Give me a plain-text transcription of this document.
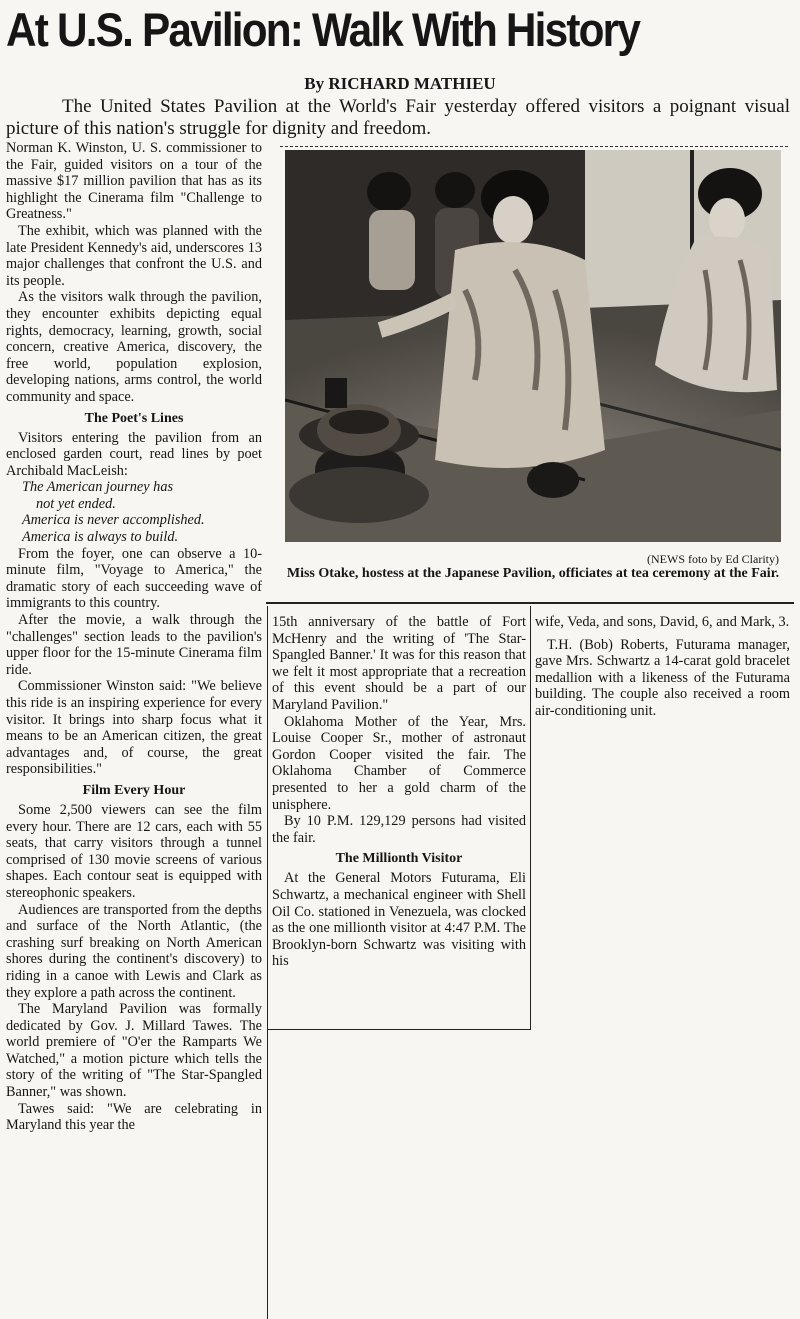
At U.S. Pavilion: Walk With History
By RICHARD MATHIEU
The United States Pavilion at the World's Fair yesterday offered visitors a poignant visual picture of this nation's struggle for dignity and freedom.

Norman K. Winston, U. S. commissioner to the Fair, guided visitors on a tour of the massive $17 million pavilion that has as its highlight the Cinerama film "Challenge to Greatness."

The exhibit, which was planned with the late President Kennedy's aid, underscores 13 major challenges that confront the U.S. and its people.

As the visitors walk through the pavilion, they encounter exhibits depicting equal rights, democracy, learning, growth, social concern, creative America, discovery, the free world, population explosion, developing nations, arms control, the world community and space.

The Poet's Lines

Visitors entering the pavilion from an enclosed garden court, read lines by poet Archibald MacLeish:

The American journey has
not yet ended.
America is never accomplished.
America is always to build.

From the foyer, one can observe a 10-minute film, "Voyage to America," the dramatic story of each succeeding wave of immigrants to this country.

After the movie, a walk through the "challenges" section leads to the pavilion's upper floor for the 15-minute Cinerama film ride.

Commissioner Winston said: "We believe this ride is an inspiring experience for every visitor. It brings into sharp focus what it means to be an American citizen, the great advantages and, of course, the great responsibilities."

Film Every Hour

Some 2,500 viewers can see the film every hour. There are 12 cars, each with 55 seats, that carry visitors through a tunnel comprised of 130 movie screens of various shapes. Each contour seat is equipped with stereophonic speakers.

Audiences are transported from the depths and surface of the North Atlantic, (the crashing surf breaking on North American shores during the continent's discovery) to riding in a canoe with Lewis and Clark as they explore a path across the continent.

The Maryland Pavilion was formally dedicated by Gov. J. Millard Tawes. The world premiere of "O'er the Ramparts We Watched," a motion picture which tells the story of the writing of "The Star-Spangled Banner," was shown.

Tawes said: "We are celebrating in Maryland this year the

(NEWS foto by Ed Clarity)
Miss Otake, hostess at the Japanese Pavilion, officiates at tea ceremony at the Fair.

15th anniversary of the battle of Fort McHenry and the writing of 'The Star-Spangled Banner.' It was for this reason that we felt it most appropriate that a recreation of this event should be a part of our Maryland Pavilion."

Oklahoma Mother of the Year, Mrs. Louise Cooper Sr., mother of astronaut Gordon Cooper visited the fair. The Oklahoma Chamber of Commerce presented to her a gold charm of the unisphere.

By 10 P.M. 129,129 persons had visited the fair.

The Millionth Visitor

At the General Motors Futurama, Eli Schwartz, a mechanical engineer with Shell Oil Co. stationed in Venezuela, was clocked as the one millionth visitor at 4:47 P.M. The Brooklyn-born Schwartz was visiting with his

wife, Veda, and sons, David, 6, and Mark, 3.

T.H. (Bob) Roberts, Futurama manager, gave Mrs. Schwartz a 14-carat gold bracelet medallion with a likeness of the Futurama building. The couple also received a room air-conditioning unit.
